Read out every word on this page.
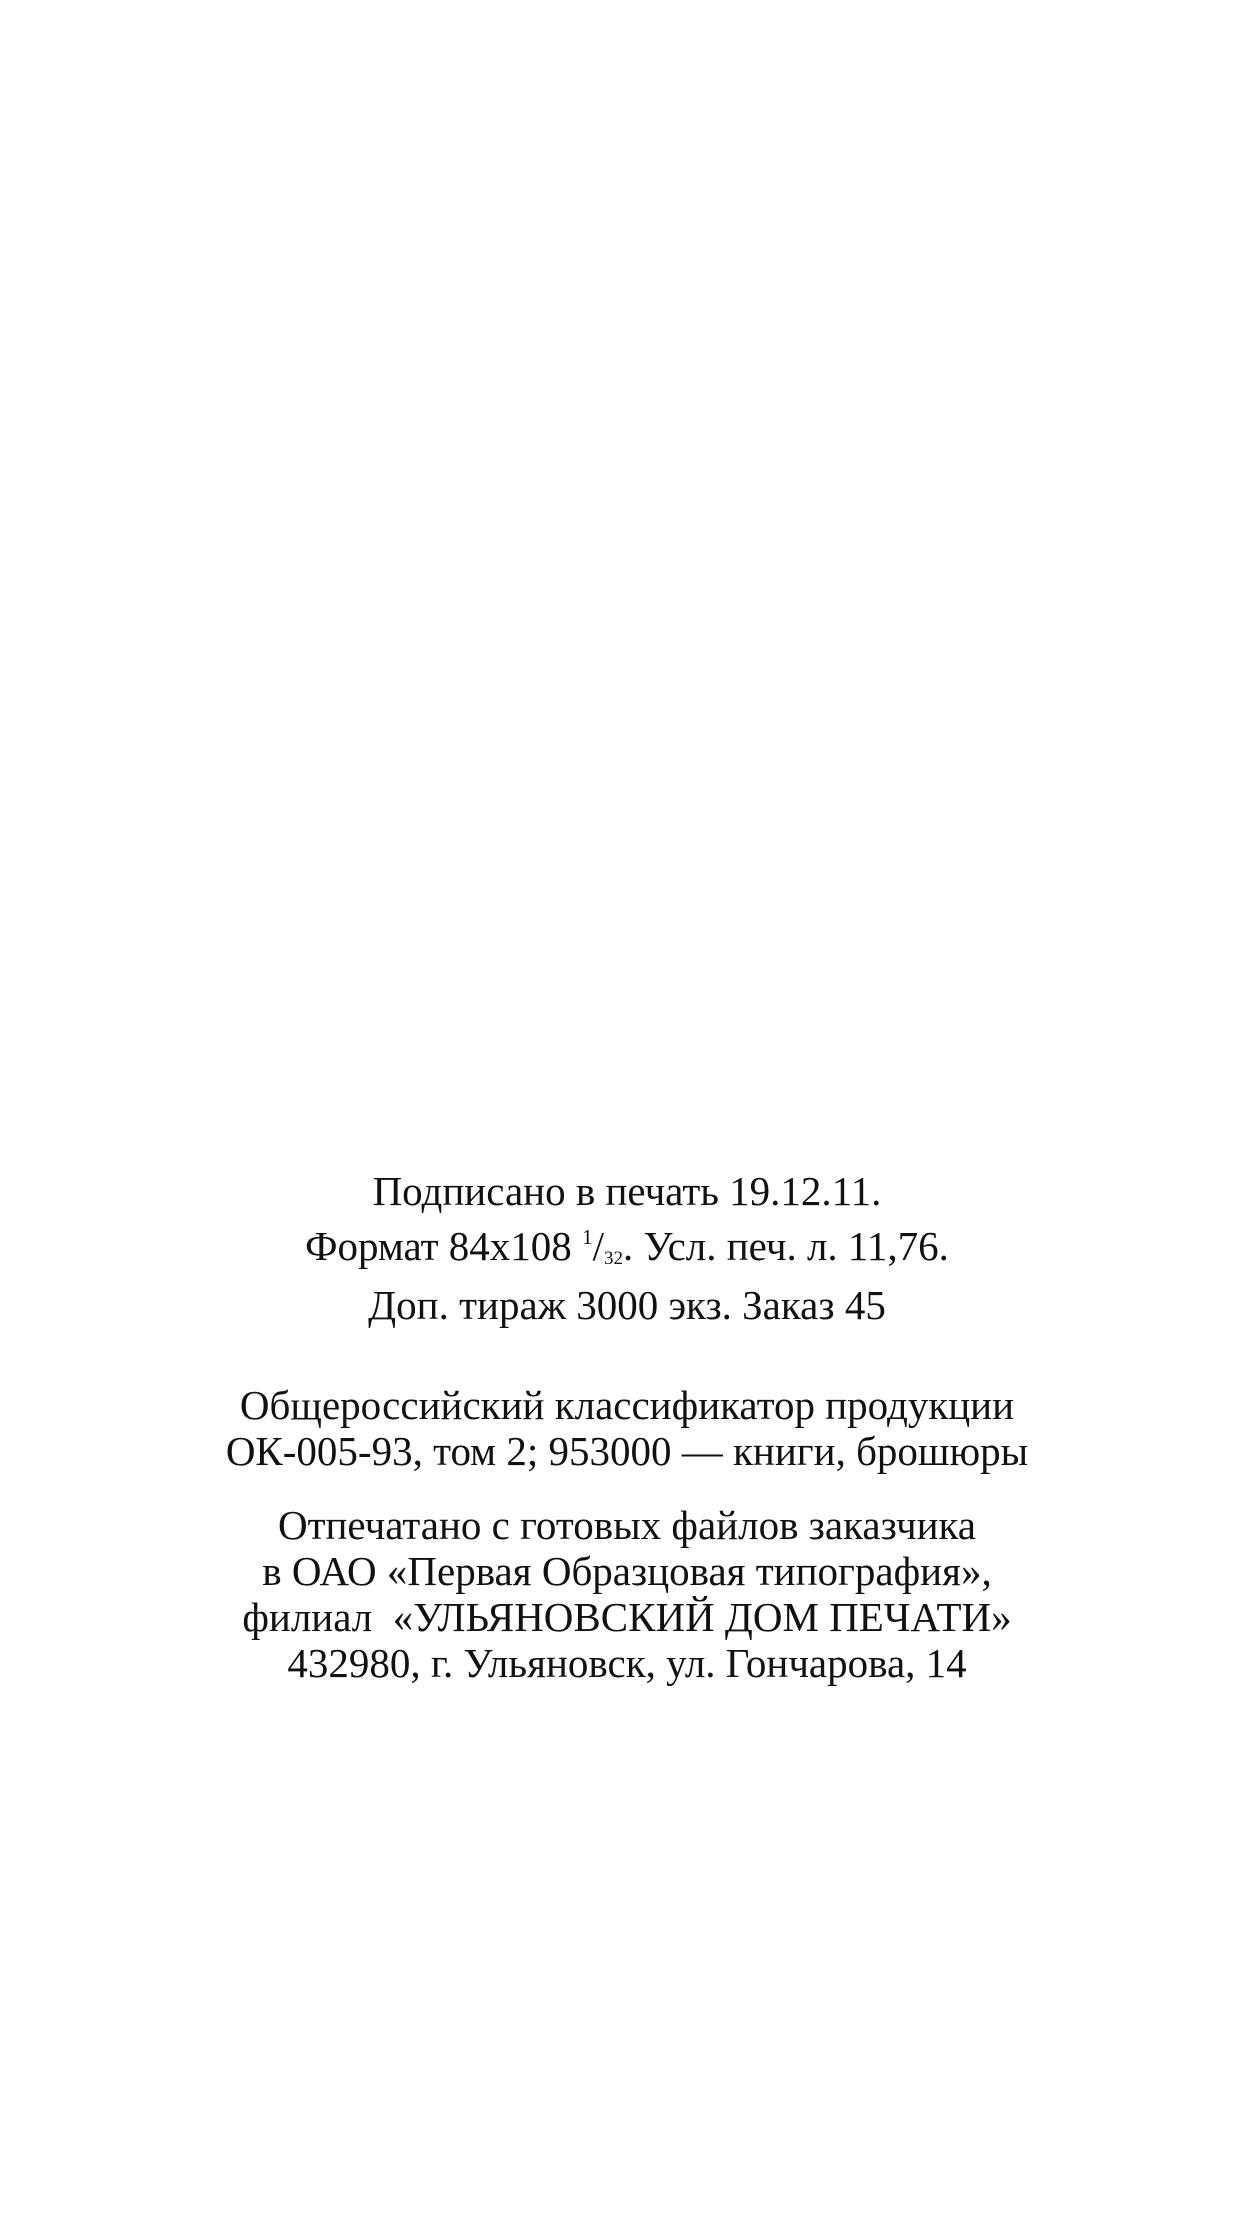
Подписано в печать 19.12.11.

Формат 84x108 $^1/_{32}$. Усл. печ. л. 11,76.

Доп. тираж 3000 экз. Заказ 45

Общероссийский классификатор продукции

ОК-005-93, том 2; 953000 — книги, брошюры

Отпечатано с готовых файлов заказчика

в ОАО «Первая Образцовая типография»,

филиал  «УЛЬЯНОВСКИЙ ДОМ ПЕЧАТИ»

432980, г. Ульяновск, ул. Гончарова, 14
